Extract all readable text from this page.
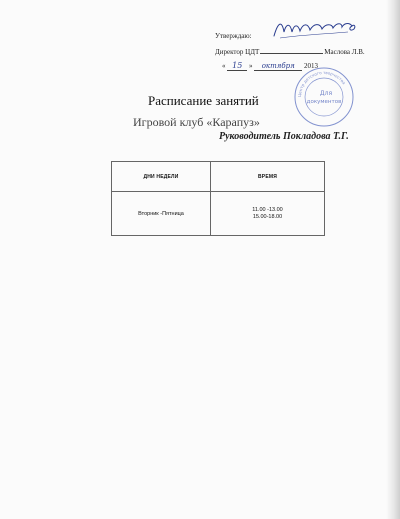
Утверждаю:
Директор ЦДТ	Маслова Л.В.
« 15 » октября 2013
Центр детского творчества
Для
документов
Расписание занятий
Игровой клуб «Карапуз»
Руководитель Покладова Т.Г.
ДНИ НЕДЕЛИ	ВРЕМЯ
Вторник -Пятница	11.00 -13.00
15.00-18.00
